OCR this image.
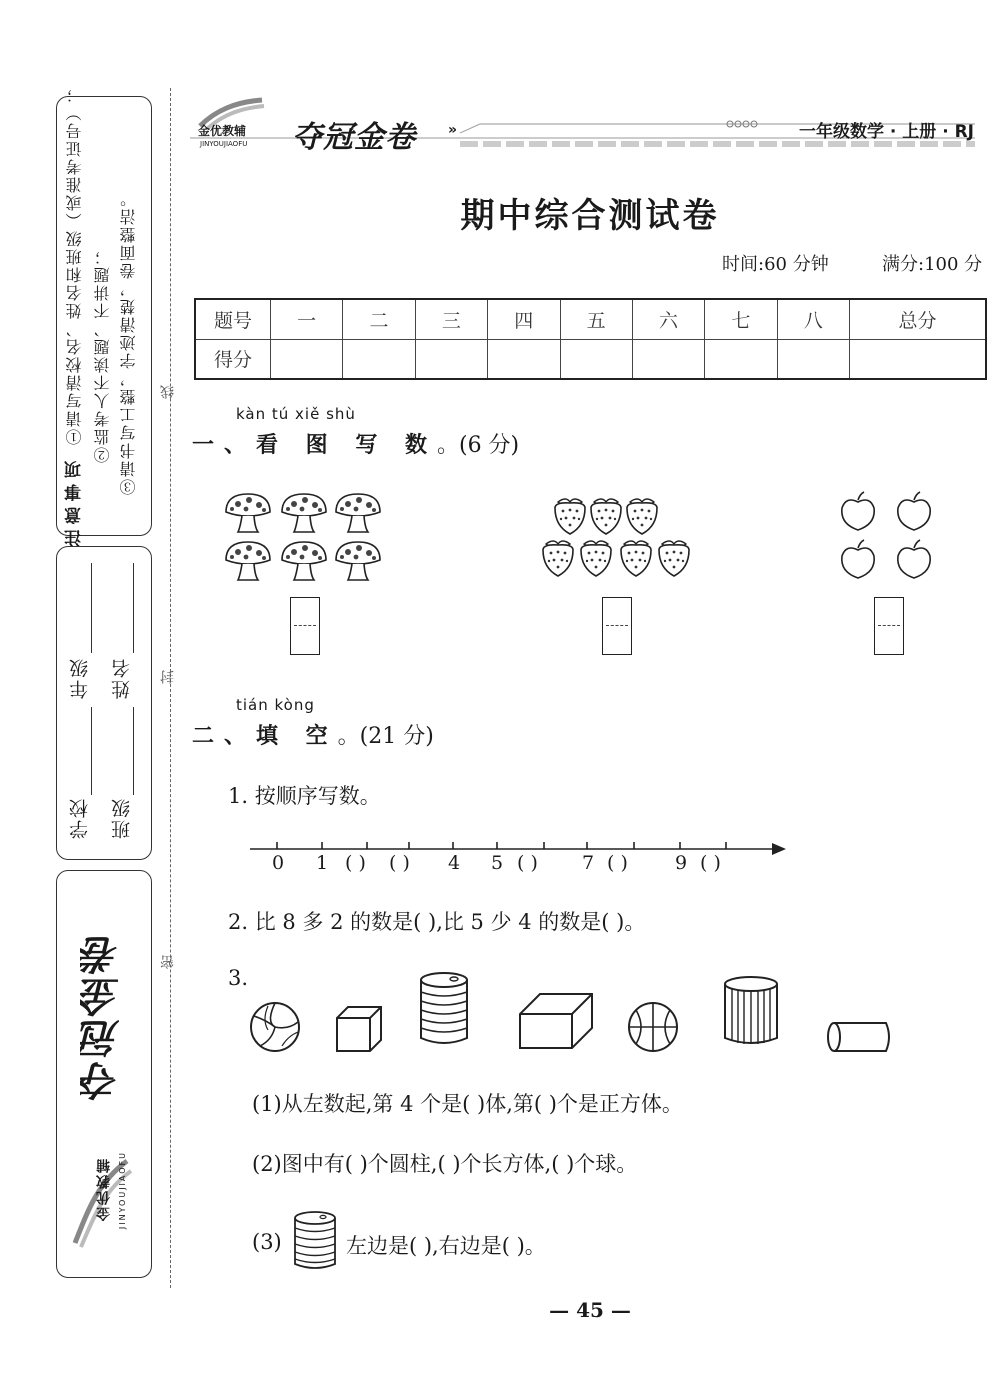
注意事项
①请写清校名、姓名和班级（或准考证号）； ②监考人不读题、不讲题； ③请书写工整，字迹清楚，卷面整洁。
学校
年级
班级
姓名
夺冠金卷
金优教辅 JINYOUJIAOFU
线
封
密
金优教辅
JINYOUJIAOFU 夺冠金卷 »	一年级数学 · 上册 · RJ
期中综合测试卷
时间:60 分钟	满分:100 分
题号	一	二	三	四	五	六	七	八	总分
得分									
kàn tú xiě shù
一、看 图 写 数。(6 分)
tián kòng
二、填 空。(21 分)
1. 按顺序写数。
0 1 ( ) ( ) 4 5 ( ) 7 ( ) 9 ( )
2. 比 8 多 2 的数是( ),比 5 少 4 的数是( )。
3.
(1)从左数起,第 4 个是( )体,第( )个是正方体。
(2)图中有( )个圆柱,( )个长方体,( )个球。
(3)	左边是( ),右边是( )。
— 45 —
